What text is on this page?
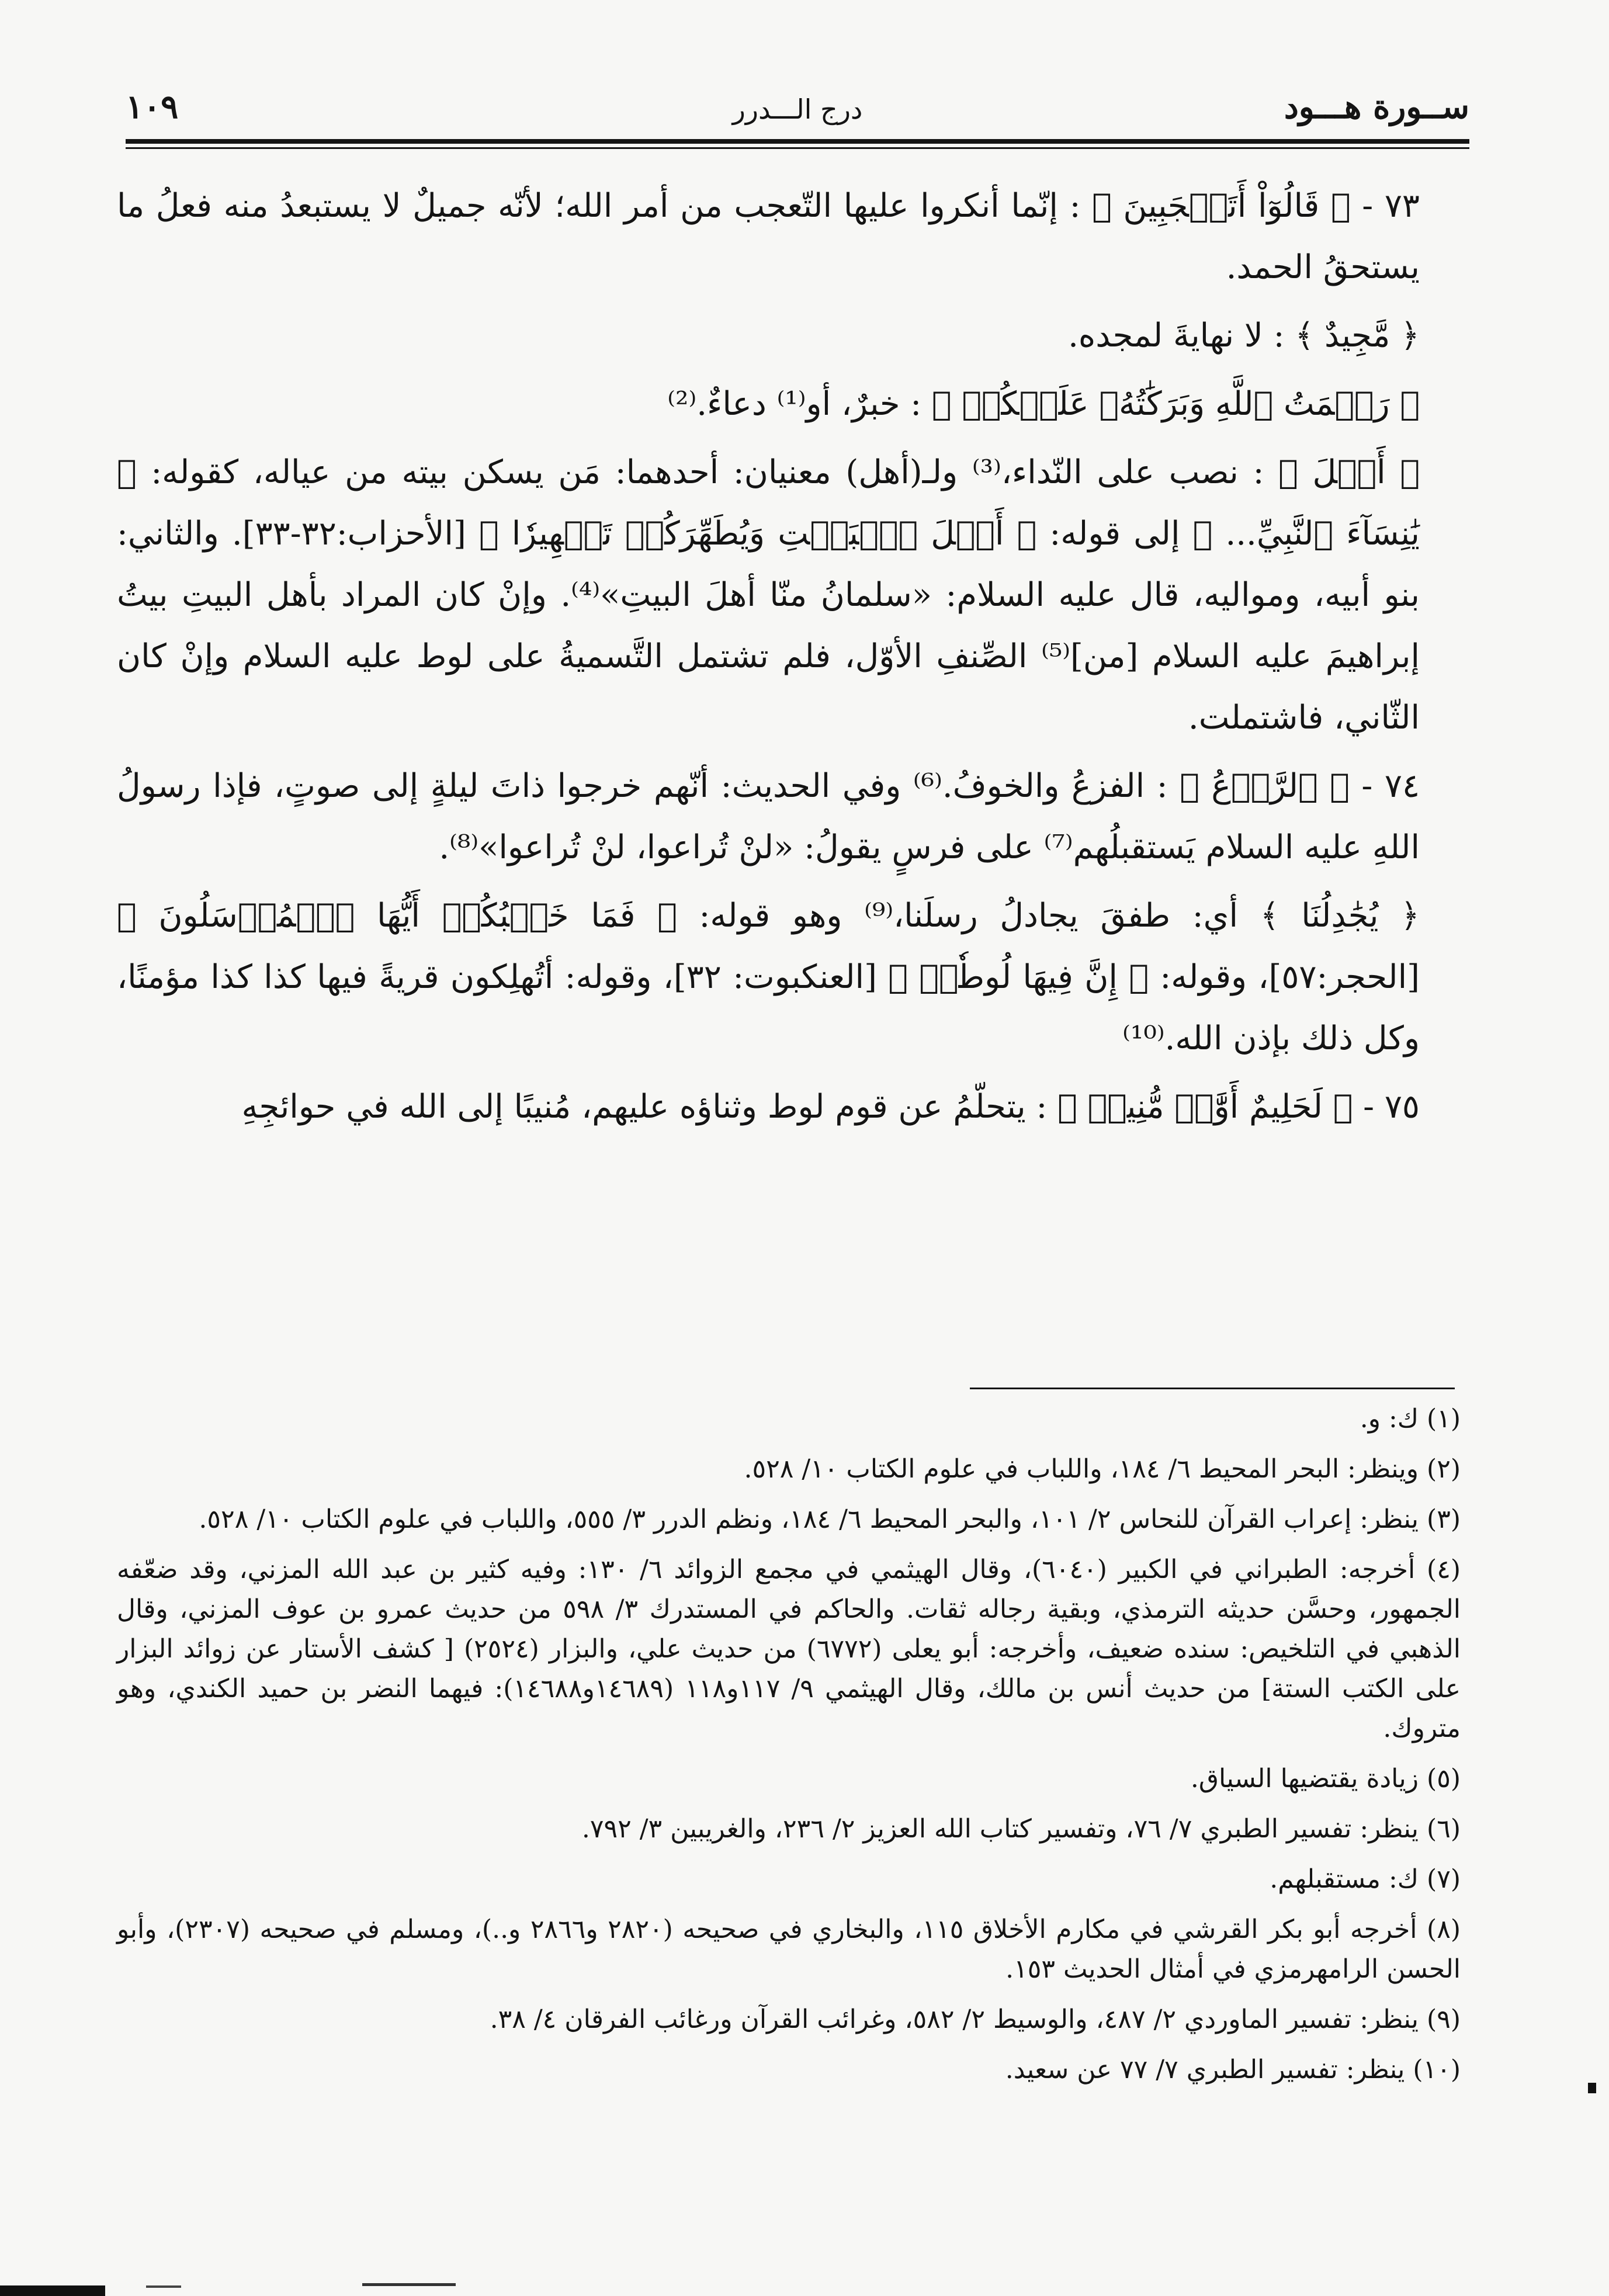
ســورة هـــود
درج الـــدرر
١٠٩

٧٣ - ﴿ قَالُوٓاْ أَتَعۡجَبِينَ ﴾ : إنّما أنكروا عليها التّعجب من أمر الله؛ لأنّه جميلٌ لا يستبعدُ منه فعلُ ما يستحقُ الحمد.

﴿ مَّجِيدٌ ﴾ : لا نهايةَ لمجده.

﴿ رَحۡمَتُ ٱللَّهِ وَبَرَكَٰتُهُۥ عَلَيۡكُمۡ ﴾ : خبرٌ، أو⁽¹⁾ دعاءٌ.⁽²⁾

﴿ أَهۡلَ ﴾ : نصب على النّداء،⁽³⁾ ولـ(أهل) معنيان: أحدهما: مَن يسكن بيته من عياله، كقوله: ﴿ يَٰنِسَآءَ ٱلنَّبِيِّ... ﴾ إلى قوله: ﴿ أَهۡلَ ٱلۡبَيۡتِ وَيُطَهِّرَكُمۡ تَطۡهِيرٗا ﴾ [الأحزاب:٣٢-٣٣]. والثاني: بنو أبيه، ومواليه، قال عليه السلام: «سلمانُ منّا أهلَ البيتِ»⁽⁴⁾. وإنْ كان المراد بأهل البيتِ بيتُ إبراهيمَ عليه السلام [من]⁽⁵⁾ الصِّنفِ الأوّل، فلم تشتمل التَّسميةُ على لوط عليه السلام وإنْ كان الثّاني، فاشتملت.

٧٤ - ﴿ ٱلرَّوۡعُ ﴾ : الفزعُ والخوفُ.⁽⁶⁾ وفي الحديث: أنّهم خرجوا ذاتَ ليلةٍ إلى صوتٍ، فإذا رسولُ اللهِ عليه السلام يَستقبلُهم⁽⁷⁾ على فرسٍ يقولُ: «لنْ تُراعوا، لنْ تُراعوا»⁽⁸⁾.

﴿ يُجَٰدِلُنَا ﴾ أي: طفقَ يجادلُ رسلَنا،⁽⁹⁾ وهو قوله: ﴿ فَمَا خَطۡبُكُمۡ أَيُّهَا ٱلۡمُرۡسَلُونَ ﴾ [الحجر:٥٧]، وقوله: ﴿ إِنَّ فِيهَا لُوطٗاۚ ﴾ [العنكبوت: ٣٢]، وقوله: أتُهلِكون قريةً فيها كذا كذا مؤمنًا، وكل ذلك بإذن الله.⁽¹⁰⁾

٧٥ - ﴿ لَحَلِيمٌ أَوَّٰهٞ مُّنِيبٞ ﴾ : يتحلّمُ عن قوم لوط وثناؤه عليهم، مُنيبًا إلى الله في حوائجِهِ

(١) ك: و.

(٢) وينظر: البحر المحيط ٦/ ١٨٤، واللباب في علوم الكتاب ١٠/ ٥٢٨.

(٣) ينظر: إعراب القرآن للنحاس ٢/ ١٠١، والبحر المحيط ٦/ ١٨٤، ونظم الدرر ٣/ ٥٥٥، واللباب في علوم الكتاب ١٠/ ٥٢٨.

(٤) أخرجه: الطبراني في الكبير (٦٠٤٠)، وقال الهيثمي في مجمع الزوائد ٦/ ١٣٠: وفيه كثير بن عبد الله المزني، وقد ضعّفه الجمهور، وحسَّن حديثه الترمذي، وبقية رجاله ثقات. والحاكم في المستدرك ٣/ ٥٩٨ من حديث عمرو بن عوف المزني، وقال الذهبي في التلخيص: سنده ضعيف، وأخرجه: أبو يعلى (٦٧٧٢) من حديث علي، والبزار (٢٥٢٤) [ كشف الأستار عن زوائد البزار على الكتب الستة] من حديث أنس بن مالك، وقال الهيثمي ٩/ ١١٧و١١٨ (١٤٦٨٩و١٤٦٨٨): فيهما النضر بن حميد الكندي، وهو متروك.

(٥) زيادة يقتضيها السياق.

(٦) ينظر: تفسير الطبري ٧/ ٧٦، وتفسير كتاب الله العزيز ٢/ ٢٣٦، والغريبين ٣/ ٧٩٢.

(٧) ك: مستقبلهم.

(٨) أخرجه أبو بكر القرشي في مكارم الأخلاق ١١٥، والبخاري في صحيحه (٢٨٢٠ و٢٨٦٦ و..)، ومسلم في صحيحه (٢٣٠٧)، وأبو الحسن الرامهرمزي في أمثال الحديث ١٥٣.

(٩) ينظر: تفسير الماوردي ٢/ ٤٨٧، والوسيط ٢/ ٥٨٢، وغرائب القرآن ورغائب الفرقان ٤/ ٣٨.

(١٠) ينظر: تفسير الطبري ٧/ ٧٧ عن سعيد.
